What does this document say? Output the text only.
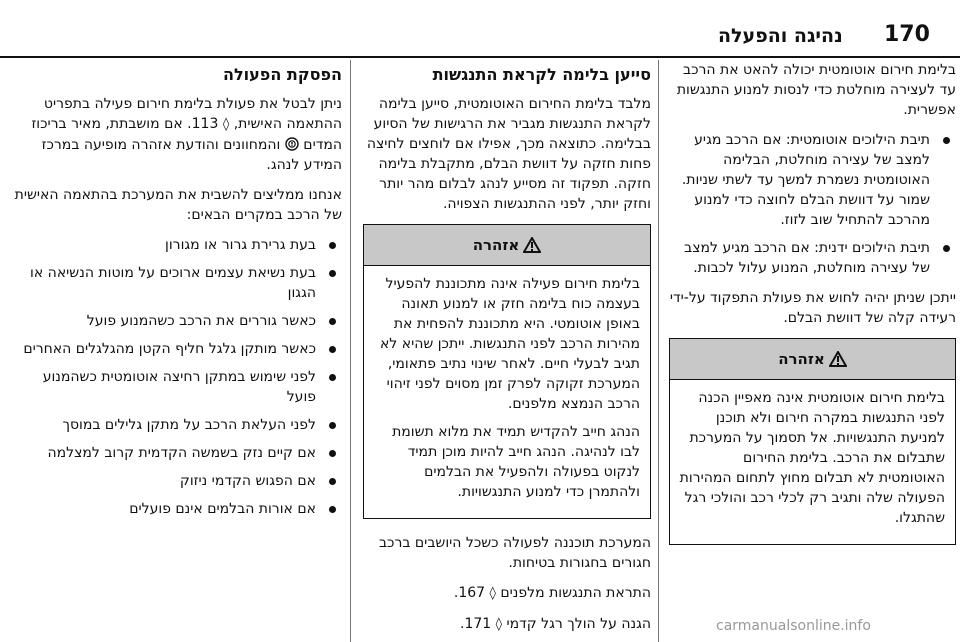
170
נהיגה והפעלה

בלימת חירום אוטומטית יכולה להאט את הרכב עד לעצירה מוחלטת כדי לנסות למנוע התנגשות אפשרית.

תיבת הילוכים אוטומטית: אם הרכב מגיע למצב של עצירה מוחלטת, הבלימה האוטומטית נשמרת למשך עד לשתי שניות. שמור על דוושת הבלם לחוצה כדי למנוע מהרכב להתחיל שוב לזוז.
תיבת הילוכים ידנית: אם הרכב מגיע למצב של עצירה מוחלטת, המנוע עלול לכבות.

ייתכן שניתן יהיה לחוש את פעולת התפקוד על-ידי רעידה קלה של דוושת הבלם.

אזהרה

בלימת חירום אוטומטית אינה מאפיין הכנה לפני התנגשות במקרה חירום ולא תוכנן למניעת התנגשויות. אל תסמוך על המערכת שתבלום את הרכב. בלימת החירום האוטומטית לא תבלום מחוץ לתחום המהירות הפעולה שלה ותגיב רק לכלי רכב והולכי רגל שהתגלו.

סייען בלימה לקראת התנגשות

מלבד בלימת החירום האוטומטית, סייען בלימה לקראת התנגשות מגביר את הרגישות של הסיוע בבלימה. כתוצאה מכך, אפילו אם לוחצים לחיצה פחות חזקה על דוושת הבלם, מתקבלת בלימה חזקה. תפקוד זה מסייע לנהג לבלום מהר יותר וחזק יותר, לפני ההתנגשות הצפויה.

אזהרה

בלימת חירום פעילה אינה מתכוננת להפעיל בעצמה כוח בלימה חזק או למנוע תאונה באופן אוטומטי. היא מתכוננת להפחית את מהירות הרכב לפני התנגשות. ייתכן שהיא לא תגיב לבעלי חיים. לאחר שינוי נתיב פתאומי, המערכת זקוקה לפרק זמן מסוים לפני זיהוי הרכב הנמצא מלפנים.

הנהג חייב להקדיש תמיד את מלוא תשומת לבו לנהיגה. הנהג חייב להיות מוכן תמיד לנקוט בפעולה ולהפעיל את הבלמים ולהתמרן כדי למנוע התנגשויות.

המערכת תוכננה לפעולה כשכל היושבים ברכב חגורים בחגורות בטיחות.

התראת התנגשות מלפנים ◊ 167.

הגנה על הולך רגל קדמי ◊ 171.

הפסקת הפעולה

ניתן לבטל את פעולת בלימת חירום פעילה בתפריט ההתאמה האישית, ◊ 113. אם מושבתת, מאיר בריכוז המדים  והמחוונים והודעת אזהרה מופיעה במרכז המידע לנהג.

אנחנו ממליצים להשבית את המערכת בהתאמה האישית של הרכב במקרים הבאים:

בעת גרירת גרור או מגורון
בעת נשיאת עצמים ארוכים על מוטות הנשיאה או הגגון
כאשר גוררים את הרכב כשהמנוע פועל
כאשר מותקן גלגל חליף הקטן מהגלגלים האחרים
לפני שימוש במתקן רחיצה אוטומטית כשהמנוע פועל
לפני העלאת הרכב על מתקן גלילים במוסך
אם קיים נזק בשמשה הקדמית קרוב למצלמה
אם הפגוש הקדמי ניזוק
אם אורות הבלמים אינם פועלים
carmanualsonline.info
